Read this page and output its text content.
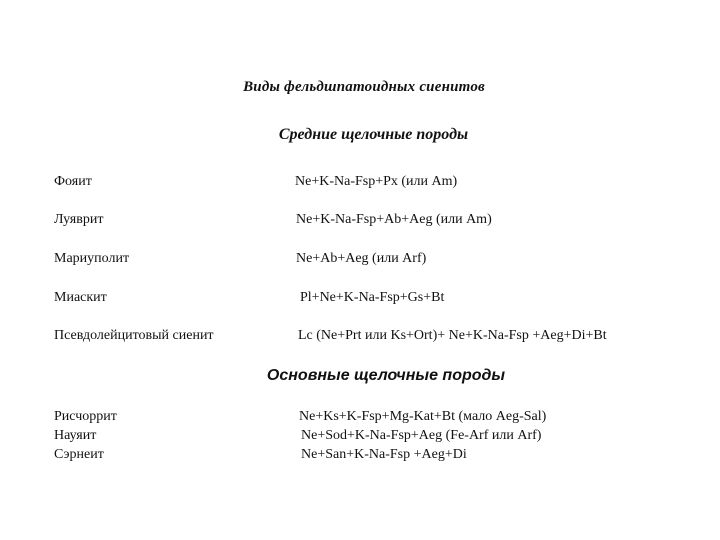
Виды фельдшпатоидных сиенитов
Средние щелочные породы
Фояит	Ne+K-Na-Fsp+Px (или Am)
Луяврит	Ne+K-Na-Fsp+Ab+Aeg (или Am)
Мариуполит	Ne+Ab+Aeg (или Arf)
Миаскит	Pl+Ne+K-Na-Fsp+Gs+Bt
Псевдолейцитовый сиенит	Lc (Ne+Prt или Ks+Ort)+ Ne+K-Na-Fsp +Aeg+Di+Bt
Основные щелочные породы
Рисчоррит	Ne+Ks+K-Fsp+Mg-Kat+Bt (мало Aeg-Sal)
Науяит	Ne+Sod+K-Na-Fsp+Aeg (Fe-Arf или Arf)
Сэрнеит	Ne+San+K-Na-Fsp +Aeg+Di
